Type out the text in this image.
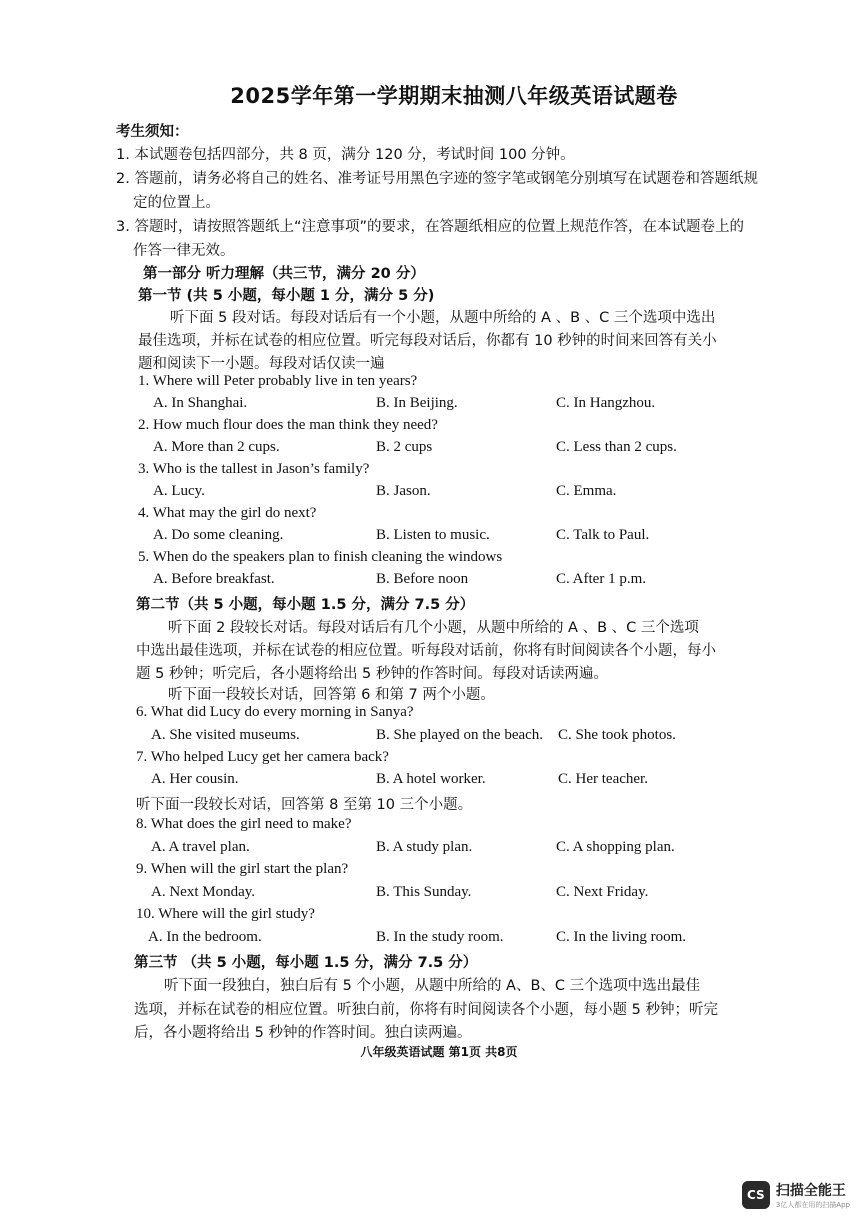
2025学年第一学期期末抽测八年级英语试题卷
考生须知：
1. 本试题卷包括四部分，共 8 页，满分 120 分，考试时间 100 分钟。
2. 答题前，请务必将自己的姓名、准考证号用黑色字迹的签字笔或钢笔分别填写在试题卷和答题纸规
定的位置上。
3. 答题时，请按照答题纸上“注意事项”的要求，在答题纸相应的位置上规范作答，在本试题卷上的
作答一律无效。
第一部分 听力理解（共三节，满分 20 分）
第一节 (共 5 小题，每小题 1 分，满分 5 分)
听下面 5 段对话。每段对话后有一个小题，从题中所给的 A 、B 、C 三个选项中选出
最佳选项，并标在试卷的相应位置。听完每段对话后，你都有 10 秒钟的时间来回答有关小
题和阅读下一小题。每段对话仅读一遍
1. Where will Peter probably live in ten years?
A. In Shanghai.	B. In Beijing.	C. In Hangzhou.
2. How much flour does the man think they need?
A. More than 2 cups.	B. 2 cups	C. Less than 2 cups.
3. Who is the tallest in Jason’s family?
A. Lucy.	B. Jason.	C. Emma.
4. What may the girl do next?
A. Do some cleaning.	B. Listen to music.	C. Talk to Paul.
5. When do the speakers plan to finish cleaning the windows
A. Before breakfast.	B. Before noon	C. After 1 p.m.
第二节（共 5 小题，每小题 1.5 分，满分 7.5 分）
听下面 2 段较长对话。每段对话后有几个小题，从题中所给的 A 、B 、C 三个选项
中选出最佳选项，并标在试卷的相应位置。听每段对话前，你将有时间阅读各个小题，每小
题 5 秒钟；听完后，各小题将给出 5 秒钟的作答时间。每段对话读两遍。
听下面一段较长对话，回答第 6 和第 7 两个小题。
6. What did Lucy do every morning in Sanya?
A. She visited museums.	B. She played on the beach. C. She took photos.
7. Who helped Lucy get her camera back?
A. Her cousin.	B. A hotel worker.	C. Her teacher.
听下面一段较长对话，回答第 8 至第 10 三个小题。
8. What does the girl need to make?
A. A travel plan.	B. A study plan.	C. A shopping plan.
9. When will the girl start the plan?
A. Next Monday.	B. This Sunday.	C. Next Friday.
10. Where will the girl study?
A. In the bedroom.	B. In the study room.	C. In the living room.
第三节 （共 5 小题，每小题 1.5 分，满分 7.5 分）
听下面一段独白，独白后有 5 个小题，从题中所给的 A、B、C 三个选项中选出最佳
选项，并标在试卷的相应位置。听独白前，你将有时间阅读各个小题，每小题 5 秒钟；听完
后，各小题将给出 5 秒钟的作答时间。独白读两遍。
八年级英语试题 第1页 共8页
CS 扫描全能王
3亿人都在用的扫描App
